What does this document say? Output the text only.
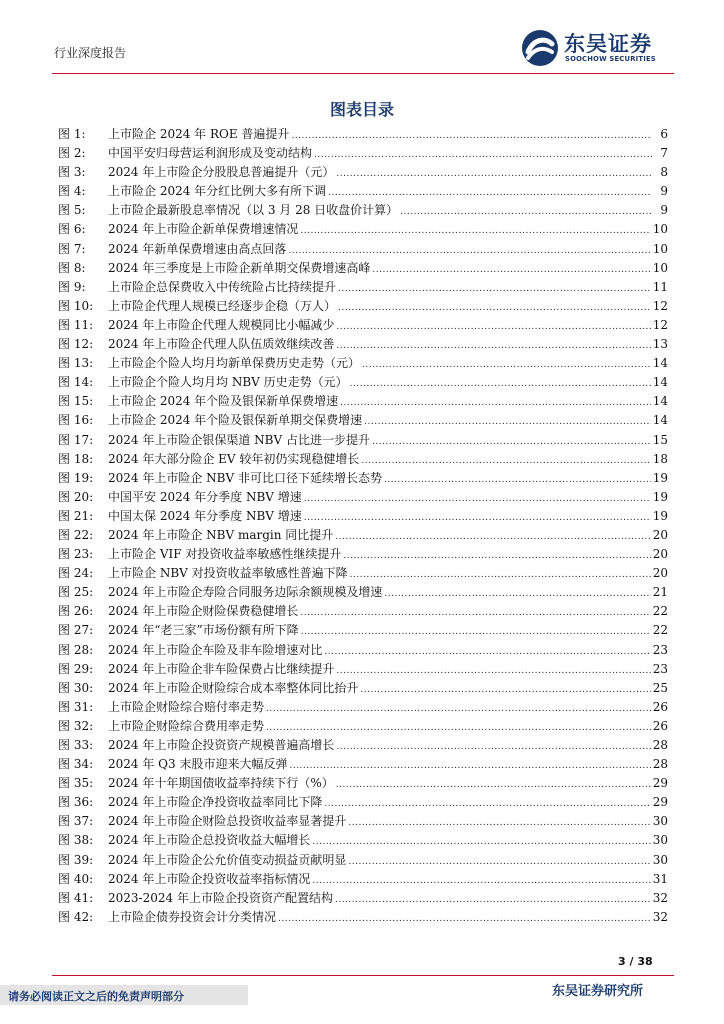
行业深度报告	东吴证券
SOOCHOW SECURITIES
图表目录
图 1:	上市险企 2024 年 ROE 普遍提升 .....	6
图 2:	中国平安归母营运利润形成及变动结构 .....	7
图 3:	2024 年上市险企分股股息普遍提升（元） .....	8
图 4:	上市险企 2024 年分红比例大多有所下调 .....	9
图 5:	上市险企最新股息率情况（以 3 月 28 日收盘价计算） .....	9
图 6:	2024 年上市险企新单保费增速情况 .....	10
图 7:	2024 年新单保费增速由高点回落 .....	10
图 8:	2024 年三季度是上市险企新单期交保费增速高峰 .....	10
图 9:	上市险企总保费收入中传统险占比持续提升 .....	11
图 10:	上市险企代理人规模已经逐步企稳（万人） .....	12
图 11:	2024 年上市险企代理人规模同比小幅减少 .....	12
图 12:	2024 年上市险企代理人队伍质效继续改善 .....	13
图 13:	上市险企个险人均月均新单保费历史走势（元） .....	14
图 14:	上市险企个险人均月均 NBV 历史走势（元） .....	14
图 15:	上市险企 2024 年个险及银保新单保费增速 .....	14
图 16:	上市险企 2024 年个险及银保新单期交保费增速 .....	14
图 17:	2024 年上市险企银保渠道 NBV 占比进一步提升 .....	15
图 18:	2024 年大部分险企 EV 较年初仍实现稳健增长 .....	18
图 19:	2024 年上市险企 NBV 非可比口径下延续增长态势 .....	19
图 20:	中国平安 2024 年分季度 NBV 增速 .....	19
图 21:	中国太保 2024 年分季度 NBV 增速 .....	19
图 22:	2024 年上市险企 NBV margin 同比提升 .....	20
图 23:	上市险企 VIF 对投资收益率敏感性继续提升 .....	20
图 24:	上市险企 NBV 对投资收益率敏感性普遍下降 .....	20
图 25:	2024 年上市险企寿险合同服务边际余额规模及增速 .....	21
图 26:	2024 年上市险企财险保费稳健增长 .....	22
图 27:	2024 年“老三家”市场份额有所下降 .....	22
图 28:	2024 年上市险企车险及非车险增速对比 .....	23
图 29:	2024 年上市险企非车险保费占比继续提升 .....	23
图 30:	2024 年上市险企财险综合成本率整体同比抬升 .....	25
图 31:	上市险企财险综合赔付率走势 .....	26
图 32:	上市险企财险综合费用率走势 .....	26
图 33:	2024 年上市险企投资资产规模普遍高增长 .....	28
图 34:	2024 年 Q3 末股市迎来大幅反弹 .....	28
图 35:	2024 年十年期国债收益率持续下行（%） .....	29
图 36:	2024 年上市险企净投资收益率同比下降 .....	29
图 37:	2024 年上市险企财险总投资收益率显著提升 .....	30
图 38:	2024 年上市险企总投资收益大幅增长 .....	30
图 39:	2024 年上市险企公允价值变动损益贡献明显 .....	30
图 40:	2024 年上市险企投资收益率指标情况 .....	31
图 41:	2023-2024 年上市险企投资资产配置结构 .....	32
图 42:	上市险企债券投资会计分类情况 .....	32
3 / 38
请务必阅读正文之后的免责声明部分	东吴证券研究所
